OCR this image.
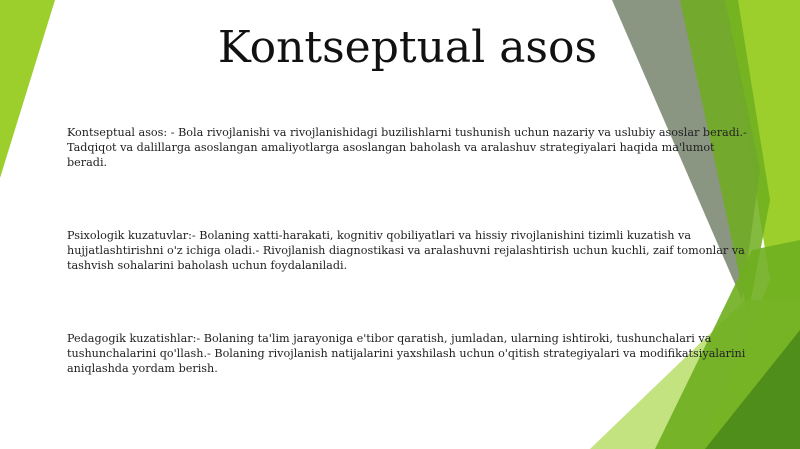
Kontseptual asos

Kontseptual asos: - Bola rivojlanishi va rivojlanishidagi buzilishlarni tushunish uchun nazariy va uslubiy asoslar beradi.- Tadqiqot va dalillarga asoslangan amaliyotlarga asoslangan baholash va aralashuv strategiyalari haqida ma'lumot beradi.

Psixologik kuzatuvlar:- Bolaning xatti-harakati, kognitiv qobiliyatlari va hissiy rivojlanishini tizimli kuzatish va hujjatlashtirishni o'z ichiga oladi.- Rivojlanish diagnostikasi va aralashuvni rejalashtirish uchun kuchli, zaif tomonlar va tashvish sohalarini baholash uchun foydalaniladi.

Pedagogik kuzatishlar:- Bolaning ta'lim jarayoniga e'tibor qaratish, jumladan, ularning ishtiroki, tushunchalari va tushunchalarini qo'llash.- Bolaning rivojlanish natijalarini yaxshilash uchun o'qitish strategiyalari va modifikatsiyalarini aniqlashda yordam berish.
